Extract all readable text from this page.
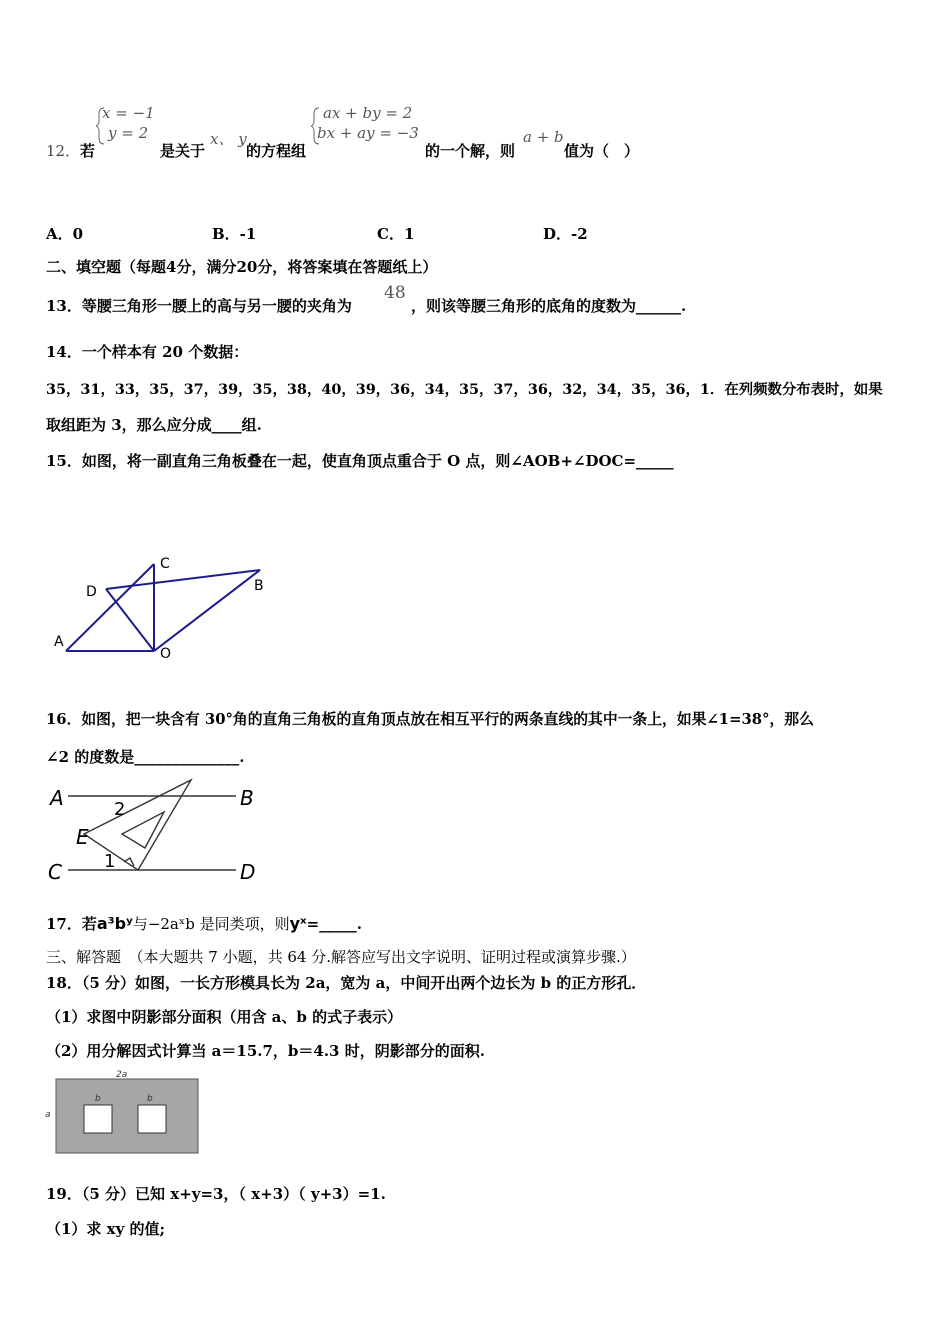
x = −1
y = 2
ax + by = 2
bx + ay = −3
12． 若	是关于
x、 y
的方程组	的一个解，则
a + b
值为（　）
A．0	B．-1	C．1	D．-2
二、填空题（每题4分，满分20分，将答案填在答题纸上）
13．等腰三角形一腰上的高与另一腰的夹角为
48
，则该等腰三角形的底角的度数为______.
14．一个样本有 20 个数据：
35，31，33，35，37，39，35，38，40，39，36，34，35，37，36，32，34，35，36，1．在列频数分布表时，如果
取组距为 3，那么应分成____组.
15．如图，将一副直角三角板叠在一起，使直角顶点重合于 O 点，则∠AOB+∠DOC=_____
A
D
C
B
O
16．如图，把一块含有 30°角的直角三角板的直角顶点放在相互平行的两条直线的其中一条上，如果∠1=38°，那么
∠2 的度数是______________.
A	B
E
C	D
2
1
17．若a³bʸ与−2aˣb 是同类项，则yˣ=_____.
三、解答题　（本大题共 7 小题，共 64 分.解答应写出文字说明、证明过程或演算步骤.）
18．（5 分）如图，一长方形模具长为 2a，宽为 a，中间开出两个边长为 b 的正方形孔．
（1）求图中阴影部分面积（用含 a、b 的式子表示）
（2）用分解因式计算当 a＝15.7，b＝4.3 时，阴影部分的面积.
2a
a
b	b
19．（5 分）已知 x+y=3，（ x+3）（ y+3）=1.
（1）求 xy 的值;
